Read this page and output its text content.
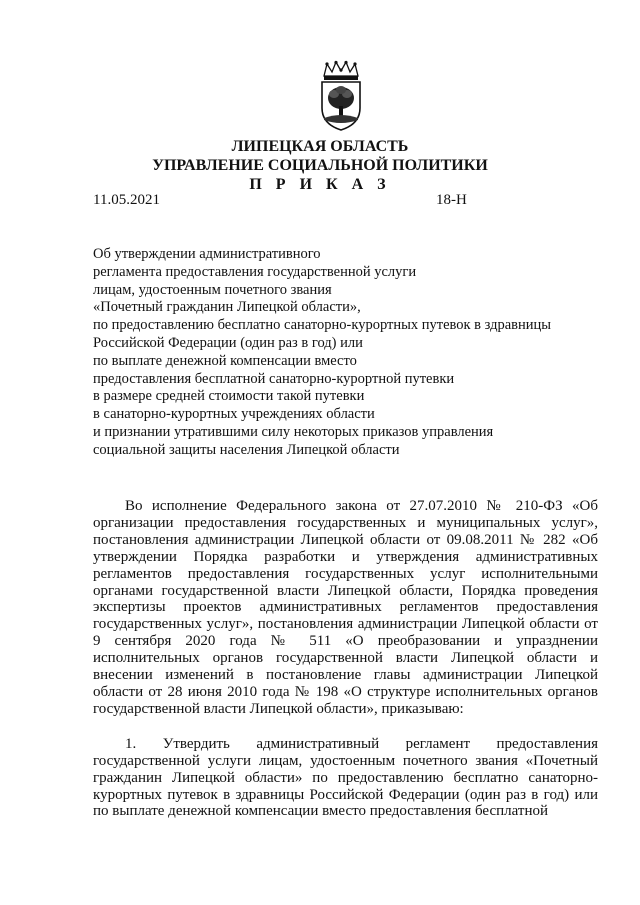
ЛИПЕЦКАЯ ОБЛАСТЬ
УПРАВЛЕНИЕ СОЦИАЛЬНОЙ ПОЛИТИКИ
П Р И К А З
11.05.2021	18-Н
Об утверждении административного
регламента предоставления государственной услуги
лицам, удостоенным почетного звания
«Почетный гражданин Липецкой области»,
по предоставлению бесплатно санаторно-курортных путевок в здравницы
Российской Федерации (один раз в год) или
по выплате денежной компенсации вместо
предоставления бесплатной санаторно-курортной путевки
в размере средней стоимости такой путевки
в санаторно-курортных учреждениях области
и признании утратившими силу некоторых приказов управления
социальной защиты населения Липецкой области

Во исполнение Федерального закона от 27.07.2010 № 210-ФЗ «Об организации предоставления государственных и муниципальных услуг», постановления администрации Липецкой области от 09.08.2011 № 282 «Об утверждении Порядка разработки и утверждения административных регламентов предоставления государственных услуг исполнительными органами государственной власти Липецкой области, Порядка проведения экспертизы проектов административных регламентов предоставления государственных услуг», постановления администрации Липецкой области от 9 сентября 2020 года № 511 «О преобразовании и упразднении исполнительных органов государственной власти Липецкой области и внесении изменений в постановление главы администрации Липецкой области от 28 июня 2010 года № 198 «О структуре исполнительных органов государственной власти Липецкой области», приказываю:

1. Утвердить административный регламент предоставления государственной услуги лицам, удостоенным почетного звания «Почетный гражданин Липецкой области» по предоставлению бесплатно санаторно-курортных путевок в здравницы Российской Федерации (один раз в год) или по выплате денежной компенсации вместо предоставления бесплатной
